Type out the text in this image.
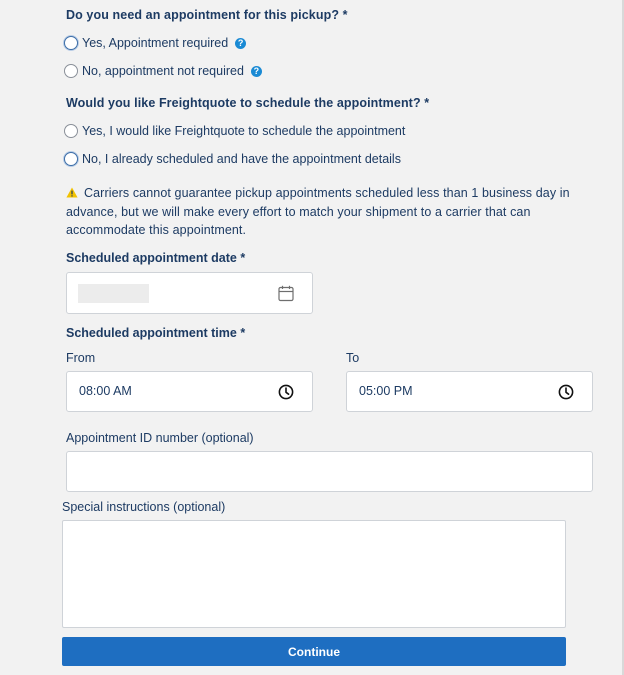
Do you need an appointment for this pickup? *
Yes, Appointment required	?
No, appointment not required	?
Would you like Freightquote to schedule the appointment? *
Yes, I would like Freightquote to schedule the appointment
No, I already scheduled and have the appointment details
Carriers cannot guarantee pickup appointments scheduled less than 1 business day in advance, but we will make every effort to match your shipment to a carrier that can accommodate this appointment.
Scheduled appointment date *
Scheduled appointment time *
From	To
08:00 AM	05:00 PM
Appointment ID number (optional)
Special instructions (optional)
Continue
